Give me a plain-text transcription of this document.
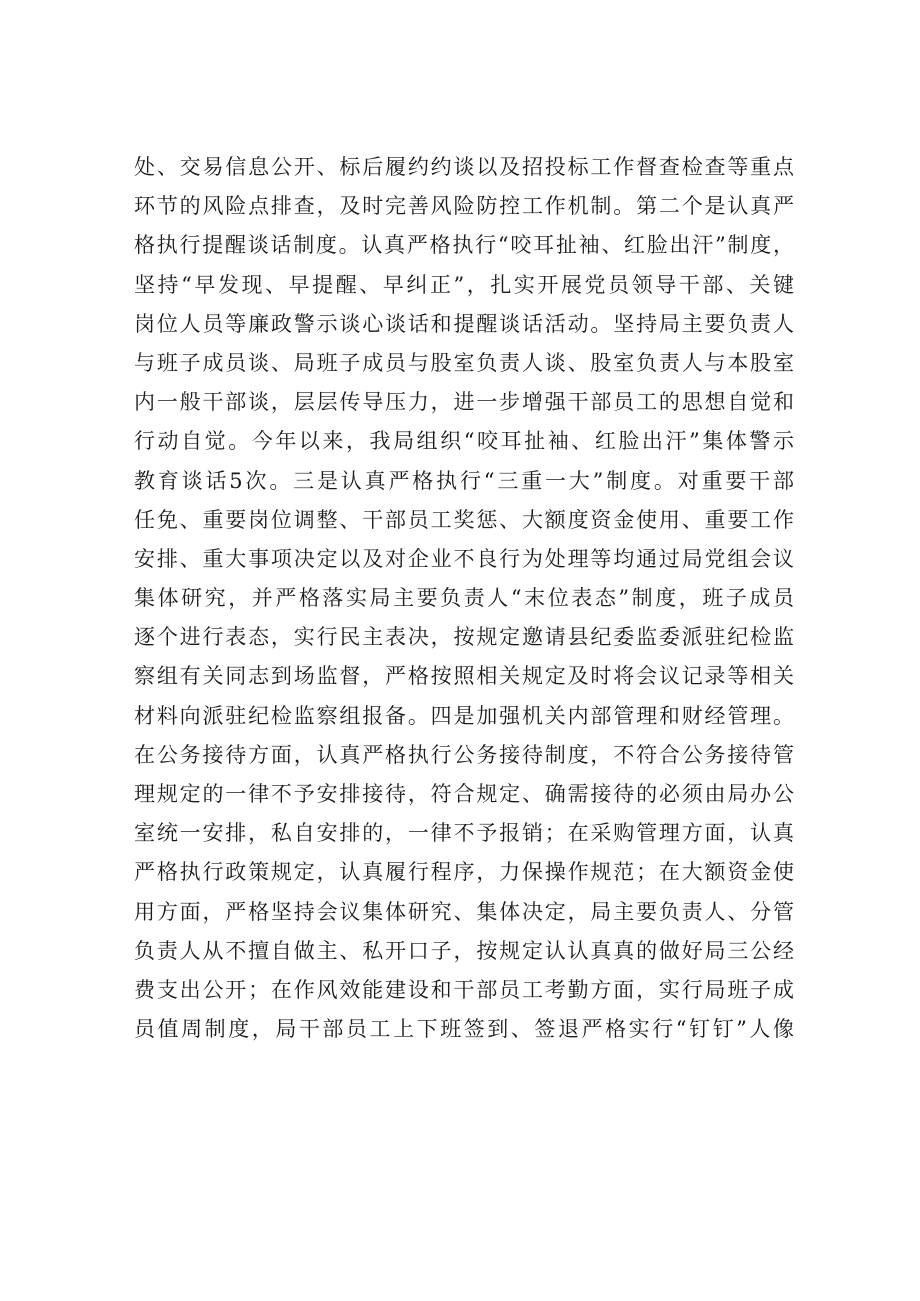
处、交易信息公开、标后履约约谈以及招投标工作督查检查等重点
环节的风险点排查，及时完善风险防控工作机制。第二个是认真严
格执行提醒谈话制度。认真严格执行“咬耳扯袖、红脸出汗”制度，
坚持“早发现、早提醒、早纠正”，扎实开展党员领导干部、关键
岗位人员等廉政警示谈心谈话和提醒谈话活动。坚持局主要负责人
与班子成员谈、局班子成员与股室负责人谈、股室负责人与本股室
内一般干部谈，层层传导压力，进一步增强干部员工的思想自觉和
行动自觉。今年以来，我局组织“咬耳扯袖、红脸出汗”集体警示
教育谈话5次。三是认真严格执行“三重一大”制度。对重要干部
任免、重要岗位调整、干部员工奖惩、大额度资金使用、重要工作
安排、重大事项决定以及对企业不良行为处理等均通过局党组会议
集体研究，并严格落实局主要负责人“末位表态”制度，班子成员
逐个进行表态，实行民主表决，按规定邀请县纪委监委派驻纪检监
察组有关同志到场监督，严格按照相关规定及时将会议记录等相关
材料向派驻纪检监察组报备。四是加强机关内部管理和财经管理。
在公务接待方面，认真严格执行公务接待制度，不符合公务接待管
理规定的一律不予安排接待，符合规定、确需接待的必须由局办公
室统一安排，私自安排的，一律不予报销；在采购管理方面，认真
严格执行政策规定，认真履行程序，力保操作规范；在大额资金使
用方面，严格坚持会议集体研究、集体决定，局主要负责人、分管
负责人从不擅自做主、私开口子，按规定认认真真的做好局三公经
费支出公开；在作风效能建设和干部员工考勤方面，实行局班子成
员值周制度，局干部员工上下班签到、签退严格实行“钉钉”人像
